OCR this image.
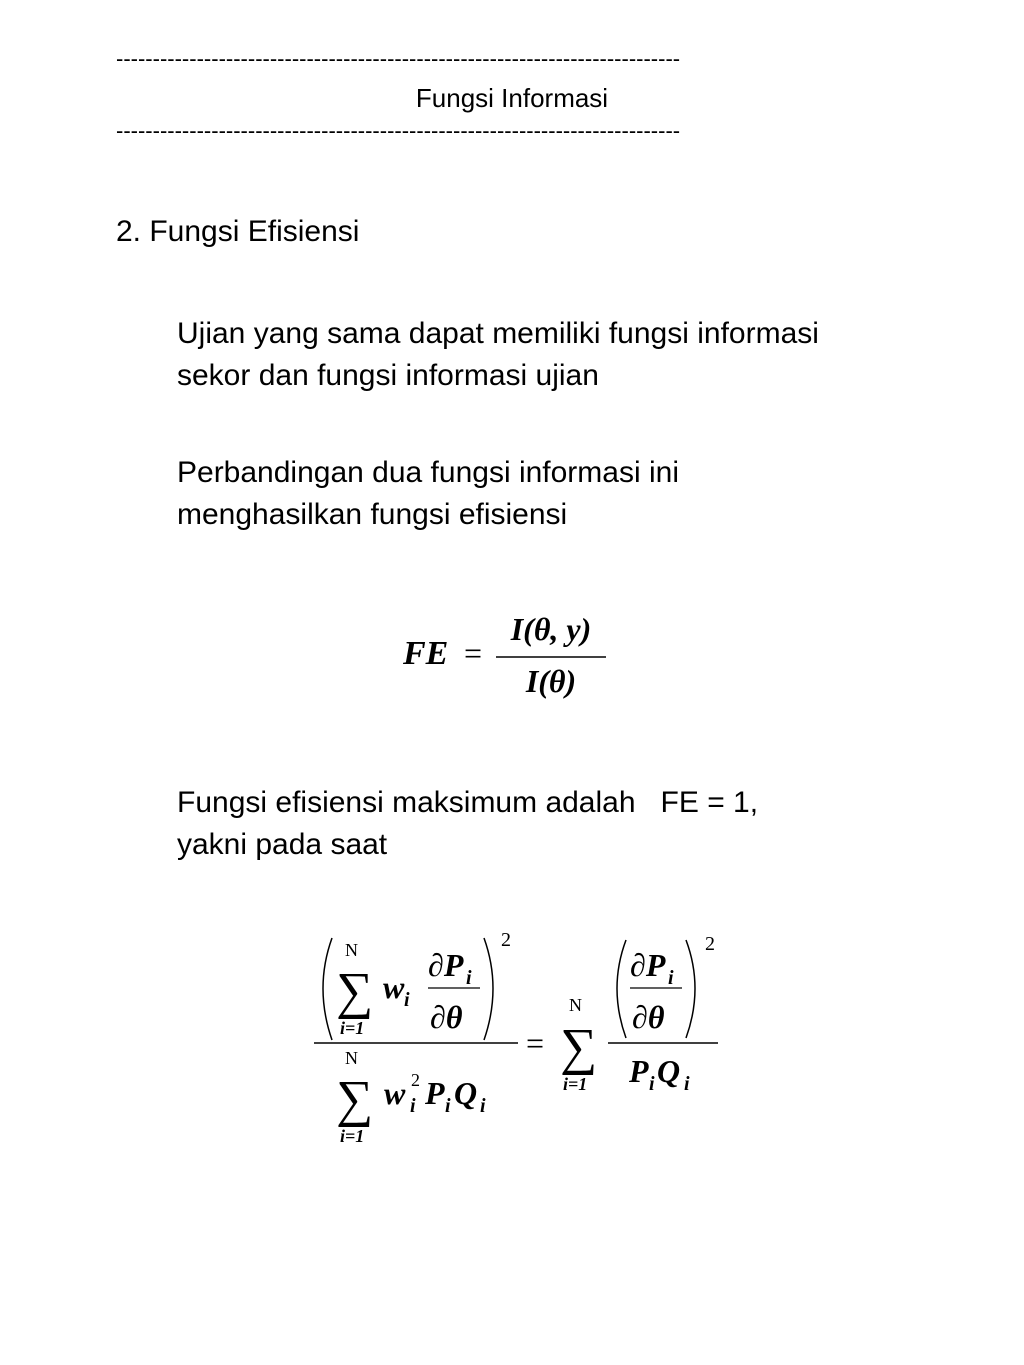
-----------------------------------------------------------------------------
Fungsi Informasi
-----------------------------------------------------------------------------
2. Fungsi Efisiensi
Ujian yang sama dapat memiliki fungsi informasi
sekor dan fungsi informasi ujian
Perbandingan dua fungsi informasi ini
menghasilkan fungsi efisiensi
Fungsi efisiensi maksimum adalah   FE = 1,
yakni pada saat
FE =
I(θ, y)
I(θ)
N
∑
i=1
w i
∂P i
∂θ
2
N
∑
i=1
w 2
i P i Q i
=
N
∑
i=1
∂P i
∂θ
2
P i Q i
